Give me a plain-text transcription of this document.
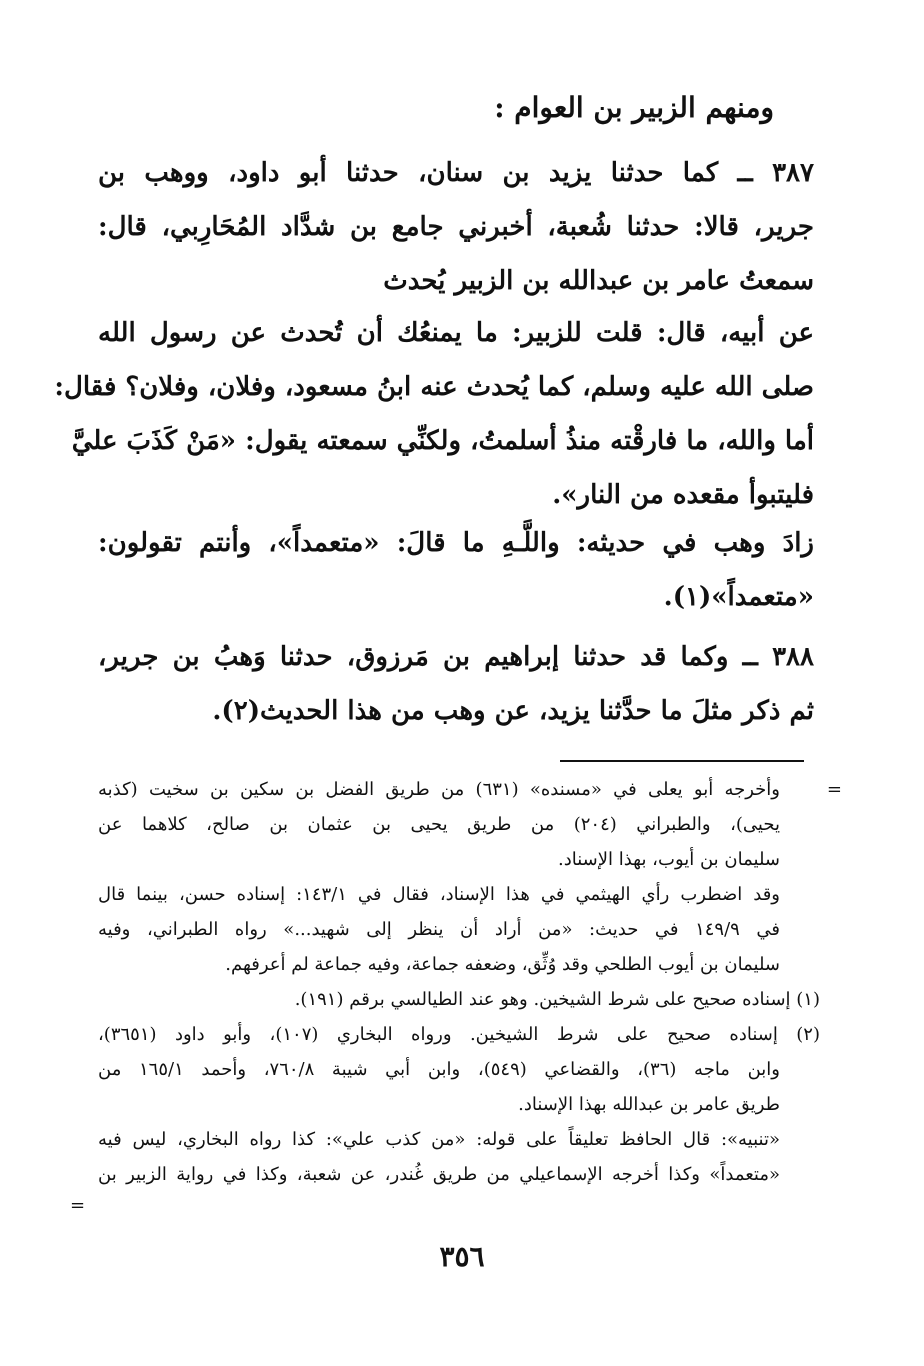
ومنهم الزبير بن العوام :
٣٨٧ ــ كما حدثنا يزيد بن سنان، حدثنا أبو داود، ووهب بن
جرير، قالا: حدثنا شُعبة، أخبرني جامع بن شدَّاد المُحَارِبي، قال:
سمعتُ عامر بن عبدالله بن الزبير يُحدث
عن أبيه، قال: قلت للزبير: ما يمنعُك أن تُحدث عن رسول الله
صلى الله عليه وسلم، كما يُحدث عنه ابنُ مسعود، وفلان، وفلان؟ فقال:
أما والله، ما فارقْته منذُ أسلمتُ، ولكنِّي سمعته يقول: «مَنْ كَذَبَ عليَّ
فليتبوأ مقعده من النار».
زادَ وهب في حديثه: واللَّـهِ ما قالَ: «متعمداً»، وأنتم تقولون:
«متعمداً»(١).
٣٨٨ ــ وكما قد حدثنا إبراهيم بن مَرزوق، حدثنا وَهبُ بن جرير،
ثم ذكر مثلَ ما حدَّثنا يزيد، عن وهب من هذا الحديث(٢).
=
وأخرجه أبو يعلى في «مسنده» (٦٣١) من طريق الفضل بن سكين بن سخيت (كذبه
يحيى)، والطبراني (٢٠٤) من طريق يحيى بن عثمان بن صالح، كلاهما عن
سليمان بن أيوب، بهذا الإسناد.
وقد اضطرب رأي الهيثمي في هذا الإسناد، فقال في ١٤٣/١: إسناده حسن، بينما قال
في ١٤٩/٩ في حديث: «من أراد أن ينظر إلى شهيد...» رواه الطبراني، وفيه
سليمان بن أيوب الطلحي وقد وُثِّق، وضعفه جماعة، وفيه جماعة لم أعرفهم.
(١) إسناده صحيح على شرط الشيخين. وهو عند الطيالسي برقم (١٩١).
(٢) إسناده صحيح على شرط الشيخين. ورواه البخاري (١٠٧)، وأبو داود (٣٦٥١)،
وابن ماجه (٣٦)، والقضاعي (٥٤٩)، وابن أبي شيبة ٧٦٠/٨، وأحمد ١٦٥/١ من
طريق عامر بن عبدالله بهذا الإسناد.
«تنبيه»: قال الحافظ تعليقاً على قوله: «من كذب علي»: كذا رواه البخاري، ليس فيه
«متعمداً» وكذا أخرجه الإسماعيلي من طريق غُندر، عن شعبة، وكذا في رواية الزبير بن
=
٣٥٦
